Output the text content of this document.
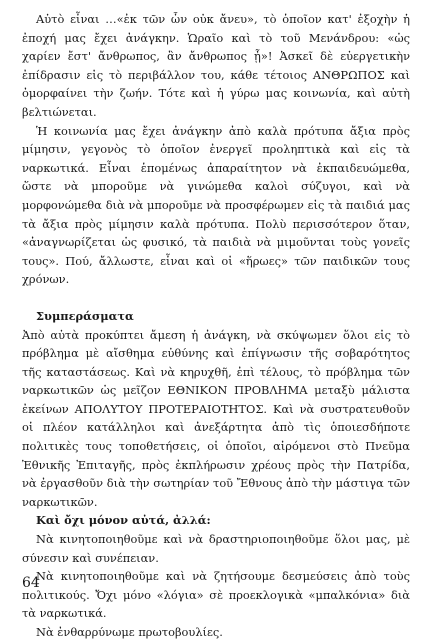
Αὐτὸ εἶναι …«ἐκ τῶν ὧν οὐκ ἄνευ», τὸ ὁποῖον κατ' ἐξοχὴν ἡ ἐποχή μας ἔχει ἀνάγκην. Ὡραῖο καὶ τὸ τοῦ Μενάνδρου: «ὡς χαρίεν ἔστ' ἄνθρωπος, ἂν ἄνθρωπος ᾖ»! Ἀσκεῖ δὲ εὐεργετικὴν ἐπίδρασιν εἰς τὸ περιβάλλον του, κάθε τέτοιος ΑΝΘΡΩΠΟΣ καὶ ὀμορφαίνει τὴν ζωήν. Τότε καὶ ἡ γύρω μας κοινωνία, καὶ αὐτὴ βελτιώνεται.

Ἡ κοινωνία μας ἔχει ἀνάγκην ἀπὸ καλὰ πρότυπα ἄξια πρὸς μίμησιν, γεγονὸς τὸ ὁποῖον ἐνεργεῖ προληπτικὰ καὶ εἰς τὰ ναρκωτικά. Εἶναι ἑπομένως ἀπαραίτητον νὰ ἐκπαιδευώμεθα, ὥστε νὰ μποροῦμε νὰ γινώμεθα καλοὶ σύζυγοι, καὶ νὰ μορφονώμεθα διὰ νὰ μποροῦμε νὰ προσφέρωμεν εἰς τὰ παιδιά μας τὰ ἄξια πρὸς μίμησιν καλὰ πρότυπα. Πολὺ περισσότερον ὅταν, «ἀναγνωρίζεται ὡς φυσικό, τὰ παιδιὰ νὰ μιμοῦνται τοὺς γονεῖς τους». Πού, ἄλλωστε, εἶναι καὶ οἱ «ἥρωες» τῶν παιδικῶν τους χρόνων.

Συμπεράσματα

Ἀπὸ αὐτὰ προκύπτει ἄμεση ἡ ἀνάγκη, νὰ σκύψωμεν ὅλοι εἰς τὸ πρόβλημα μὲ αἴσθημα εὐθύνης καὶ ἐπίγνωσιν τῆς σοβαρότητος τῆς καταστάσεως. Καὶ νὰ κηρυχθῆ, ἐπὶ τέλους, τὸ πρόβλημα τῶν ναρκωτικῶν ὡς μεῖζον ΕΘΝΙΚΟΝ ΠΡΟΒΛΗΜΑ μεταξὺ μάλιστα ἐκείνων ΑΠΟΛΥΤΟΥ ΠΡΟΤΕΡΑΙΟΤΗΤΟΣ. Καὶ νὰ συστρατευθοῦν οἱ πλέον κατάλληλοι καὶ ἀνεξάρτητα ἀπὸ τὶς ὁποιεσδήποτε πολιτικὲς τους τοποθετήσεις, οἱ ὁποῖοι, αἰρόμενοι στὸ Πνεῦμα Ἐθνικῆς Ἐπιταγῆς, πρὸς ἐκπλήρωσιν χρέους πρὸς τὴν Πατρίδα, νὰ ἐργασθοῦν διὰ τὴν σωτηρίαν τοῦ Ἔθνους ἀπὸ τὴν μάστιγα τῶν ναρκωτικῶν.

Καὶ ὄχι μόνον αὐτά, ἀλλά:

Νὰ κινητοποιηθοῦμε καὶ νὰ δραστηριοποιηθοῦμε ὅλοι μας, μὲ σύνεσιν καὶ συνέπειαν.

Νὰ κινητοποιηθοῦμε καὶ νὰ ζητήσουμε δεσμεύσεις ἀπὸ τοὺς πολιτικούς. Ὄχι μόνο «λόγια» σὲ προεκλογικὰ «μπαλκόνια» διὰ τὰ ναρκωτικά.

Νὰ ἐνθαρρύνωμε πρωτοβουλίες.

64
